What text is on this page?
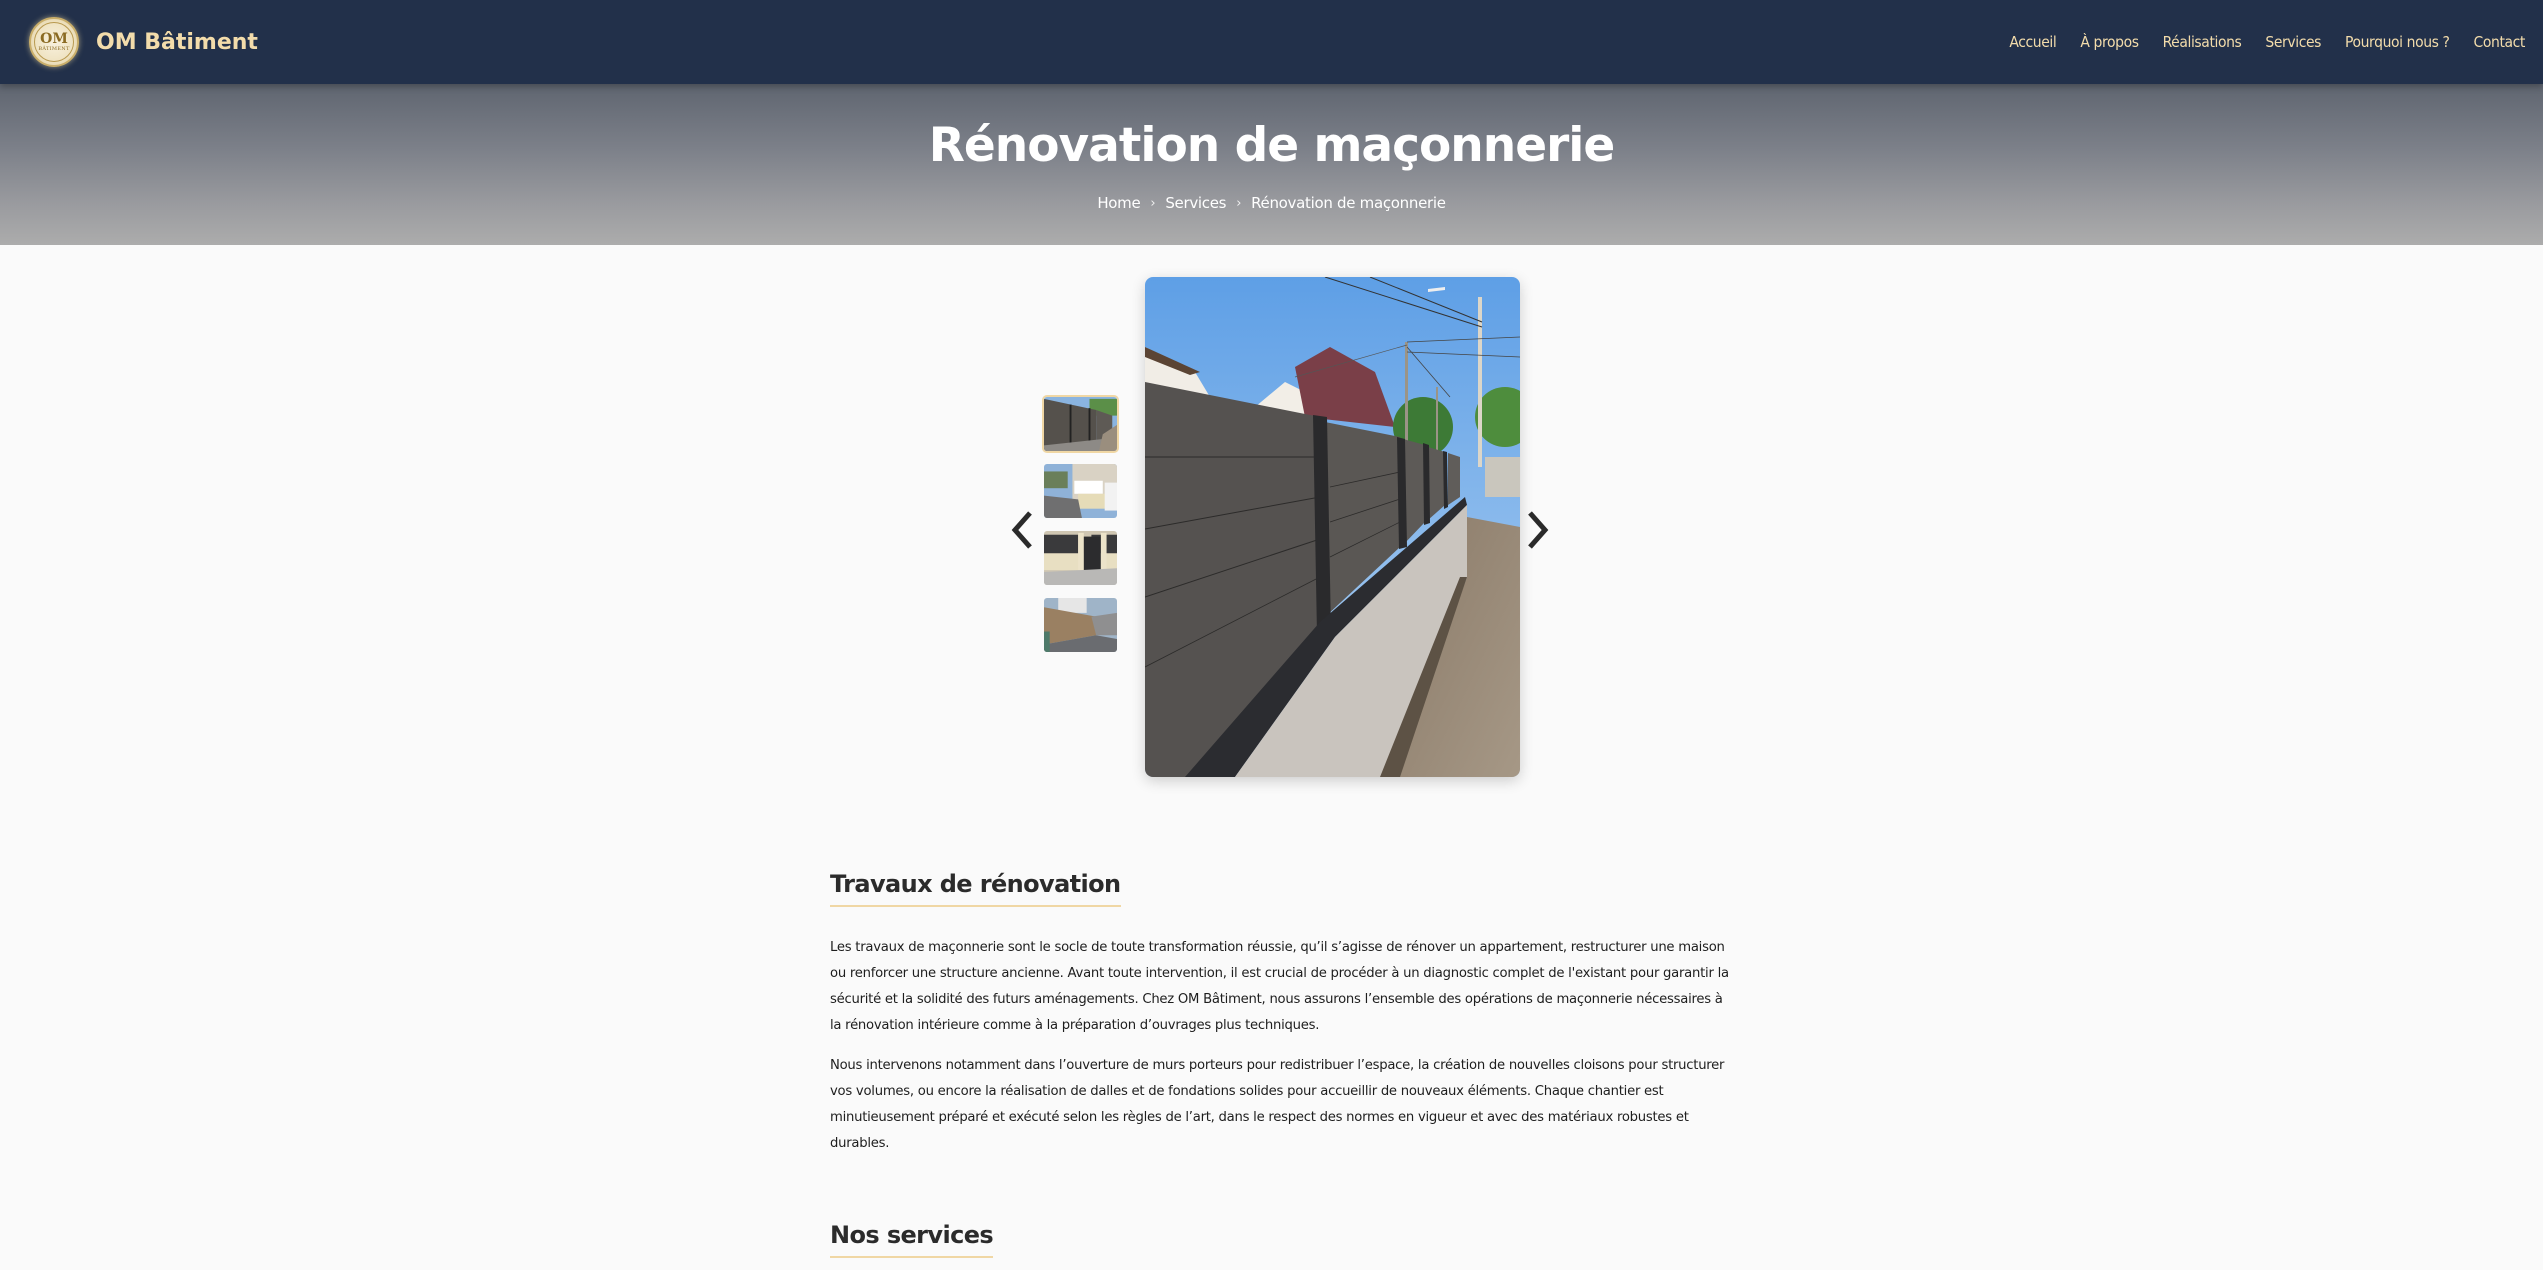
OM
BÂTIMENT OM Bâtiment	Accueil À propos Réalisations Services Pourquoi nous ? Contact
Rénovation de maçonnerie
Home › Services › Rénovation de maçonnerie
Travaux de rénovation

Les travaux de maçonnerie sont le socle de toute transformation réussie, qu’il s’agisse de rénover un appartement, restructurer une maison ou renforcer une structure ancienne. Avant toute intervention, il est crucial de procéder à un diagnostic complet de l'existant pour garantir la sécurité et la solidité des futurs aménagements. Chez OM Bâtiment, nous assurons l’ensemble des opérations de maçonnerie nécessaires à la rénovation intérieure comme à la préparation d’ouvrages plus techniques.

Nous intervenons notamment dans l’ouverture de murs porteurs pour redistribuer l’espace, la création de nouvelles cloisons pour structurer vos volumes, ou encore la réalisation de dalles et de fondations solides pour accueillir de nouveaux éléments. Chaque chantier est minutieusement préparé et exécuté selon les règles de l’art, dans le respect des normes en vigueur et avec des matériaux robustes et durables.

Nos services
